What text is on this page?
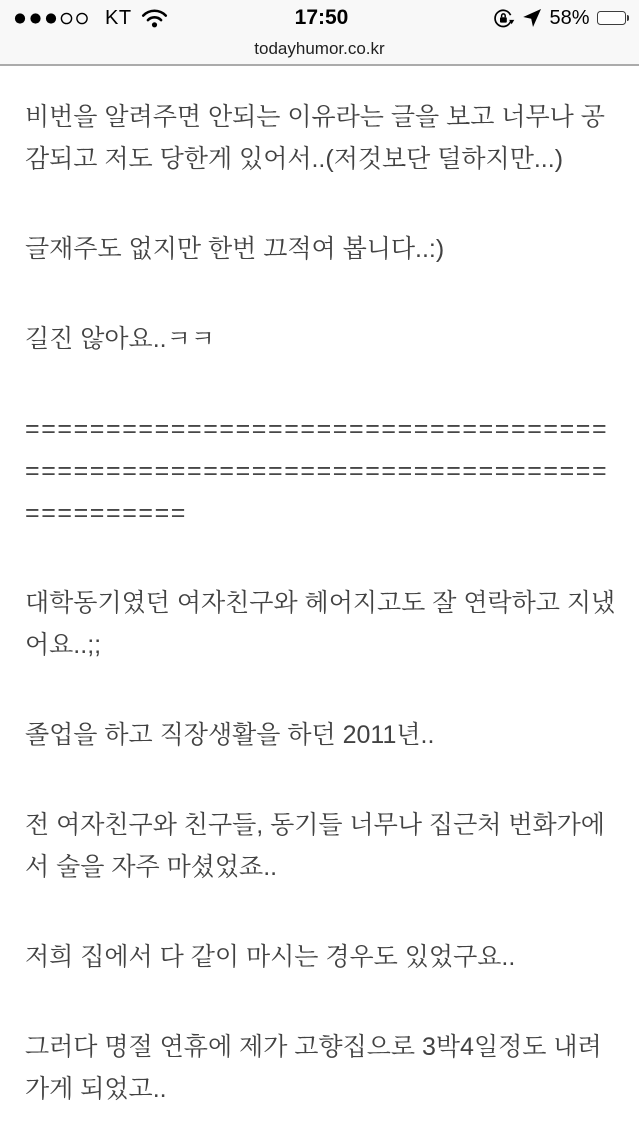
KT	17:50	58%
todayhumor.co.kr
비번을 알려주면 안되는 이유라는 글을 보고 너무나 공
감되고 저도 당한게 있어서..(저것보단 덜하지만...)
글재주도 없지만 한번 끄적여 봅니다..:)
길진 않아요..ㅋㅋ
====================================
====================================
==========
대학동기였던 여자친구와 헤어지고도 잘 연락하고 지냈
어요..;;
졸업을 하고 직장생활을 하던 2011년..
전 여자친구와 친구들, 동기들 너무나 집근처 번화가에
서 술을 자주 마셨었죠..
저희 집에서 다 같이 마시는 경우도 있었구요..
그러다 명절 연휴에 제가 고향집으로 3박4일정도 내려
가게 되었고..
